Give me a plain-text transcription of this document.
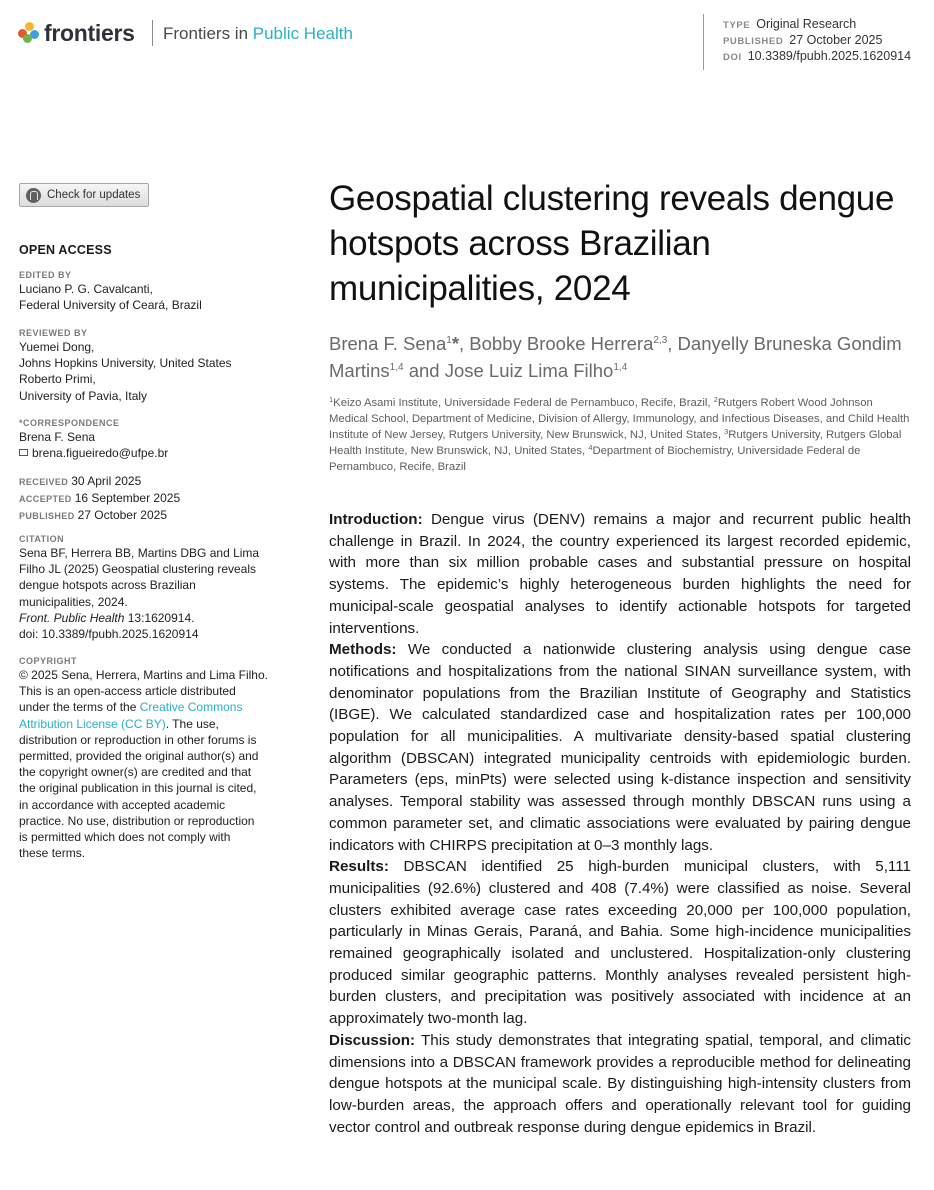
frontiers Frontiers in Public Health	TYPE Original Research
PUBLISHED 27 October 2025
DOI 10.3389/fpubh.2025.1620914
Check for updates
OPEN ACCESS
EDITED BY
Luciano P. G. Cavalcanti,
Federal University of Ceará, Brazil
REVIEWED BY
Yuemei Dong,
Johns Hopkins University, United States
Roberto Primi,
University of Pavia, Italy
*CORRESPONDENCE
Brena F. Sena
brena.figueiredo@ufpe.br
RECEIVED 30 April 2025
ACCEPTED 16 September 2025
PUBLISHED 27 October 2025
CITATION
Sena BF, Herrera BB, Martins DBG and Lima
Filho JL (2025) Geospatial clustering reveals
dengue hotspots across Brazilian
municipalities, 2024.
Front. Public Health 13:1620914.
doi: 10.3389/fpubh.2025.1620914
COPYRIGHT
© 2025 Sena, Herrera, Martins and Lima Filho.
This is an open-access article distributed
under the terms of the Creative Commons
Attribution License (CC BY). The use,
distribution or reproduction in other forums is
permitted, provided the original author(s) and
the copyright owner(s) are credited and that
the original publication in this journal is cited,
in accordance with accepted academic
practice. No use, distribution or reproduction
is permitted which does not comply with
these terms.
Geospatial clustering reveals dengue hotspots across Brazilian municipalities, 2024
Brena F. Sena$^1$*, Bobby Brooke Herrera$^{2,3}$, Danyelly Bruneska Gondim Martins$^{1,4}$ and Jose Luiz Lima Filho$^{1,4}$
$^1$Keizo Asami Institute, Universidade Federal de Pernambuco, Recife, Brazil, $^2$Rutgers Robert Wood Johnson Medical School, Department of Medicine, Division of Allergy, Immunology, and Infectious Diseases, and Child Health Institute of New Jersey, Rutgers University, New Brunswick, NJ, United States, $^3$Rutgers University, Rutgers Global Health Institute, New Brunswick, NJ, United States, $^4$Department of Biochemistry, Universidade Federal de Pernambuco, Recife, Brazil

Introduction: Dengue virus (DENV) remains a major and recurrent public health challenge in Brazil. In 2024, the country experienced its largest recorded epidemic, with more than six million probable cases and substantial pressure on hospital systems. The epidemic’s highly heterogeneous burden highlights the need for municipal-scale geospatial analyses to identify actionable hotspots for targeted interventions.

Methods: We conducted a nationwide clustering analysis using dengue case notifications and hospitalizations from the national SINAN surveillance system, with denominator populations from the Brazilian Institute of Geography and Statistics (IBGE). We calculated standardized case and hospitalization rates per 100,000 population for all municipalities. A multivariate density-based spatial clustering algorithm (DBSCAN) integrated municipality centroids with epidemiologic burden. Parameters (eps, minPts) were selected using k-distance inspection and sensitivity analyses. Temporal stability was assessed through monthly DBSCAN runs using a common parameter set, and climatic associations were evaluated by pairing dengue indicators with CHIRPS precipitation at 0–3 monthly lags.

Results: DBSCAN identified 25 high-burden municipal clusters, with 5,111 municipalities (92.6%) clustered and 408 (7.4%) were classified as noise. Several clusters exhibited average case rates exceeding 20,000 per 100,000 population, particularly in Minas Gerais, Paraná, and Bahia. Some high-incidence municipalities remained geographically isolated and unclustered. Hospitalization-only clustering produced similar geographic patterns. Monthly analyses revealed persistent high-burden clusters, and precipitation was positively associated with incidence at an approximately two-month lag.

Discussion: This study demonstrates that integrating spatial, temporal, and climatic dimensions into a DBSCAN framework provides a reproducible method for delineating dengue hotspots at the municipal scale. By distinguishing high-intensity clusters from low-burden areas, the approach offers and operationally relevant tool for guiding vector control and outbreak response during dengue epidemics in Brazil.
